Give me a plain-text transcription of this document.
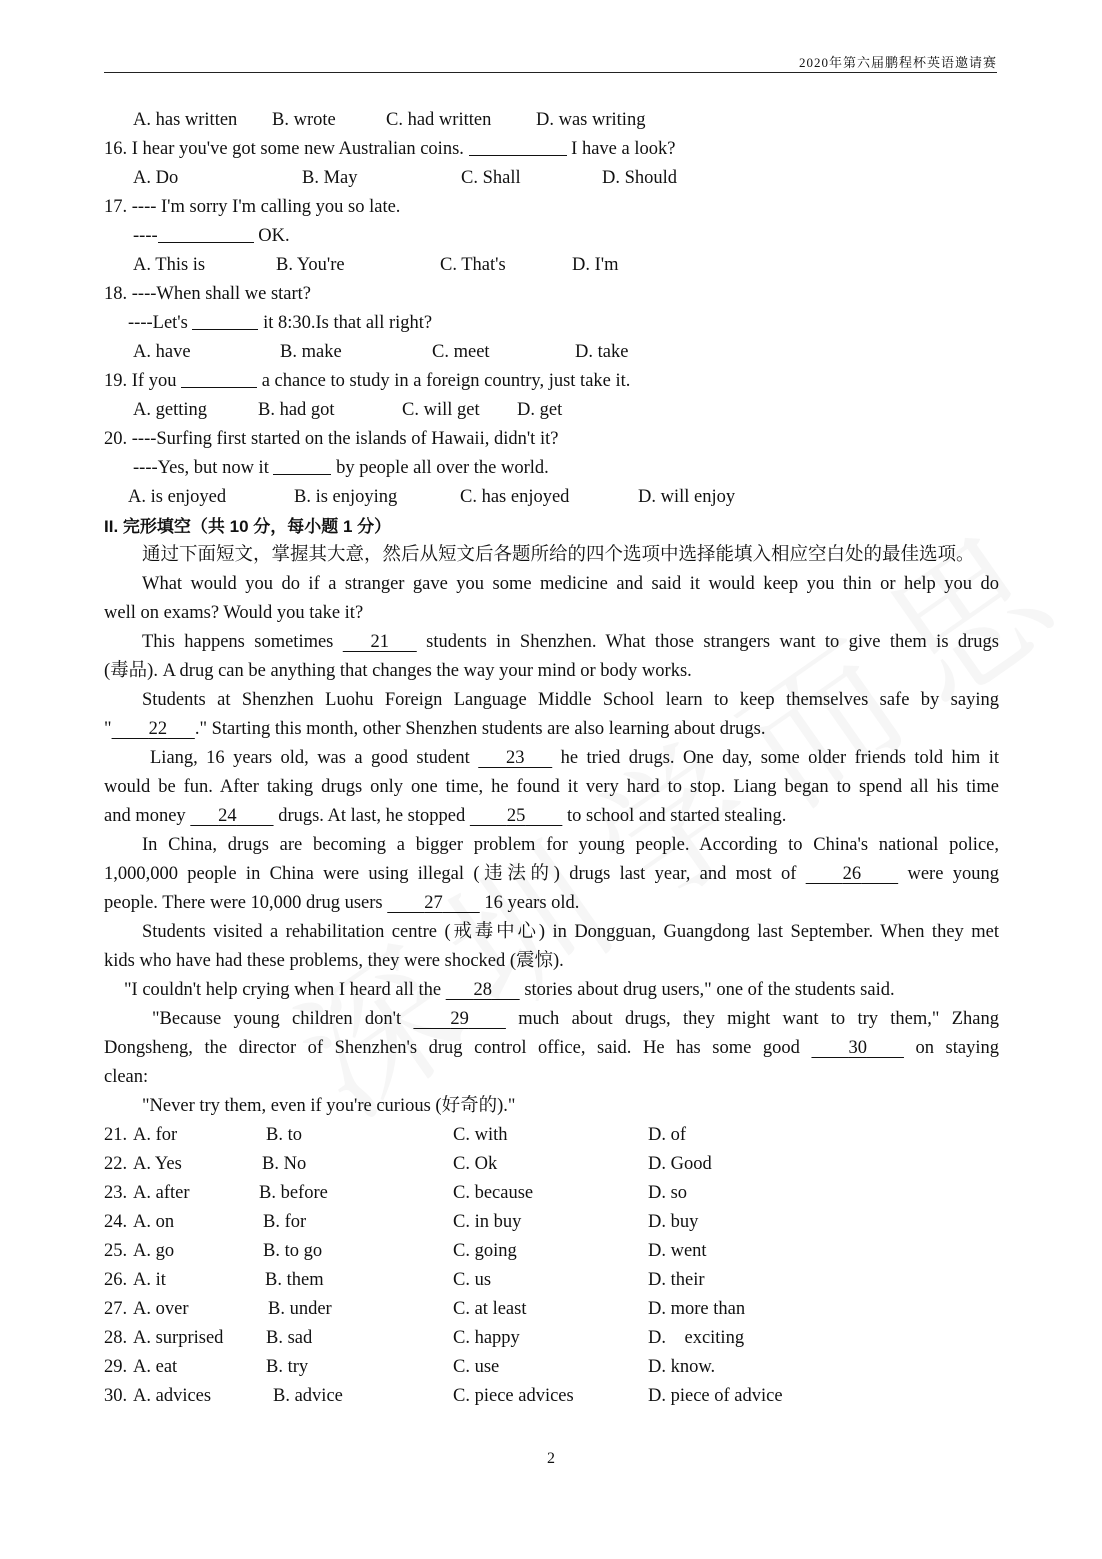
2020年第六届鹏程杯英语邀请赛
A. has written B. wrote	C. had written D. was writing
16. I hear you've got some new Australian coins.	I have a look?
A. Do	B. May	C. Shall	D. Should
17. ---- I'm sorry I'm calling you so late.
----	OK.
A. This is	B. You're	C. That's	D. I'm
18. ----When shall we start?
----Let's	it 8:30.Is that all right?
A. have	B. make	C. meet	D. take
19. If you	a chance to study in a foreign country, just take it.
A. getting	B. had got	C. will get D. get
20. ----Surfing first started on the islands of Hawaii, didn't it?
----Yes, but now it	by people all over the world.
A. is enjoyed	B. is enjoying	C. has enjoyed	D. will enjoy
II. 完形填空（共 10 分，每小题 1 分）
通过下面短文，掌握其大意，然后从短文后各题所给的四个选项中选择能填入相应空白处的最佳选项。
What would you do if a stranger gave you some medicine and said it would keep you thin or help you do
well on exams? Would you take it?
This happens sometimes     21    students in Shenzhen. What those strangers want to give them is drugs
(毒品). A drug can be anything that changes the way your mind or body works.
Students at Shenzhen Luohu Foreign Language Middle School learn to keep themselves safe by saying
"     22    ." Starting this month, other Shenzhen students are also learning about drugs.
Liang, 16 years old, was a good student     23    he tried drugs. One day, some older friends told him it
would be fun. After taking drugs only one time, he found it very hard to stop. Liang began to spend all his time
and money     24     drugs. At last, he stopped      25     to school and started stealing.
In China, drugs are becoming a bigger problem for young people. According to China's national police,
1,000,000 people in China were using illegal (违法的) drugs last year, and most of     	26    	were young
people. There were 10,000 drug users      27     16 years old.
Students visited a rehabilitation centre (戒毒中心) in Dongguan, Guangdong last September. When they met
kids who have had these problems, they were shocked (震惊).
"I couldn't help crying when I heard all the     28    stories about drug users," one of the students said.
"Because young children don't     	29    	much about drugs, they might want to try them," Zhang
Dongsheng, the director of Shenzhen's drug control office, said. He has some good     	30    	on staying
clean:
"Never try them, even if you're curious (好奇的)."
21. A. for	B. to	C. with	D. of
22. A. Yes	B. No	C. Ok	D. Good
23. A. after	B. before	C. because	D. so
24. A. on	B. for	C. in buy	D. buy
25. A. go	B. to go	C. going	D. went
26. A. it	B. them	C. us	D. their
27. A. over	B. under	C. at least	D. more than
28. A. surprised B. sad	C. happy	D.    exciting
29. A. eat	B. try	C. use	D. know.
30. A. advices	B. advice	C. piece advices	D. piece of advice
2
